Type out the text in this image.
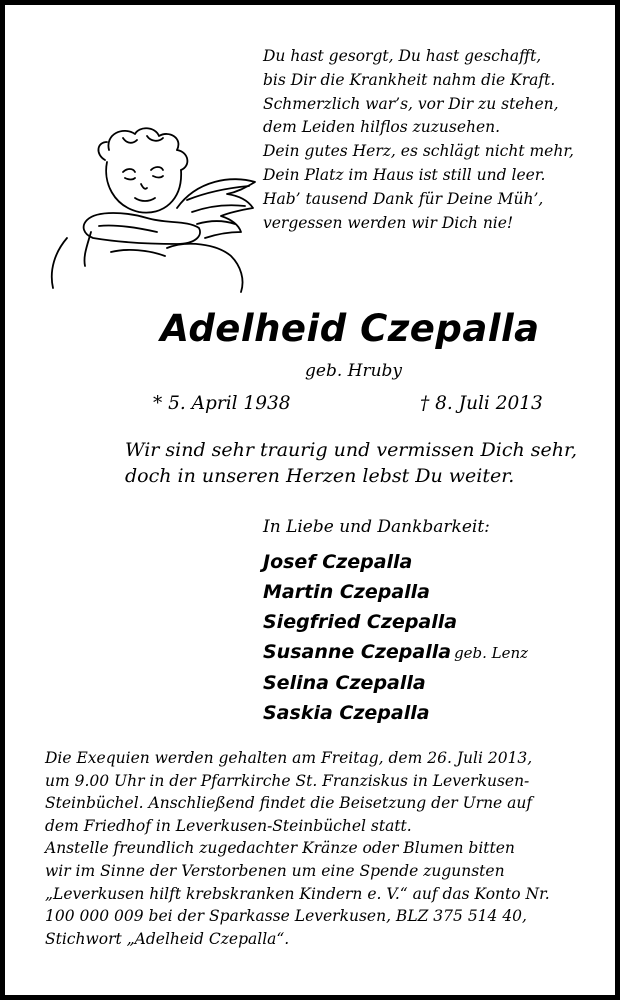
Du hast gesorgt, Du hast geschafft,
bis Dir die Krankheit nahm die Kraft.
Schmerzlich war’s, vor Dir zu stehen,
dem Leiden hilflos zuzusehen.
Dein gutes Herz, es schlägt nicht mehr,
Dein Platz im Haus ist still und leer.
Hab’ tausend Dank für Deine Müh’,
vergessen werden wir Dich nie!
Adelheid Czepalla
geb. Hruby
* 5. April 1938	† 8. Juli 2013
Wir sind sehr traurig und vermissen Dich sehr,
doch in unseren Herzen lebst Du weiter.
In Liebe und Dankbarkeit:
Josef Czepalla
Martin Czepalla
Siegfried Czepalla
Susanne Czepalla geb. Lenz
Selina Czepalla
Saskia Czepalla
Die Exequien werden gehalten am Freitag, dem 26. Juli 2013,
um 9.00 Uhr in der Pfarrkirche St. Franziskus in Leverkusen-
Steinbüchel. Anschließend findet die Beisetzung der Urne auf
dem Friedhof in Leverkusen-Steinbüchel statt.
Anstelle freundlich zugedachter Kränze oder Blumen bitten
wir im Sinne der Verstorbenen um eine Spende zugunsten
„Leverkusen hilft krebskranken Kindern e. V.“ auf das Konto Nr.
100 000 009 bei der Sparkasse Leverkusen, BLZ 375 514 40,
Stichwort „Adelheid Czepalla“.
